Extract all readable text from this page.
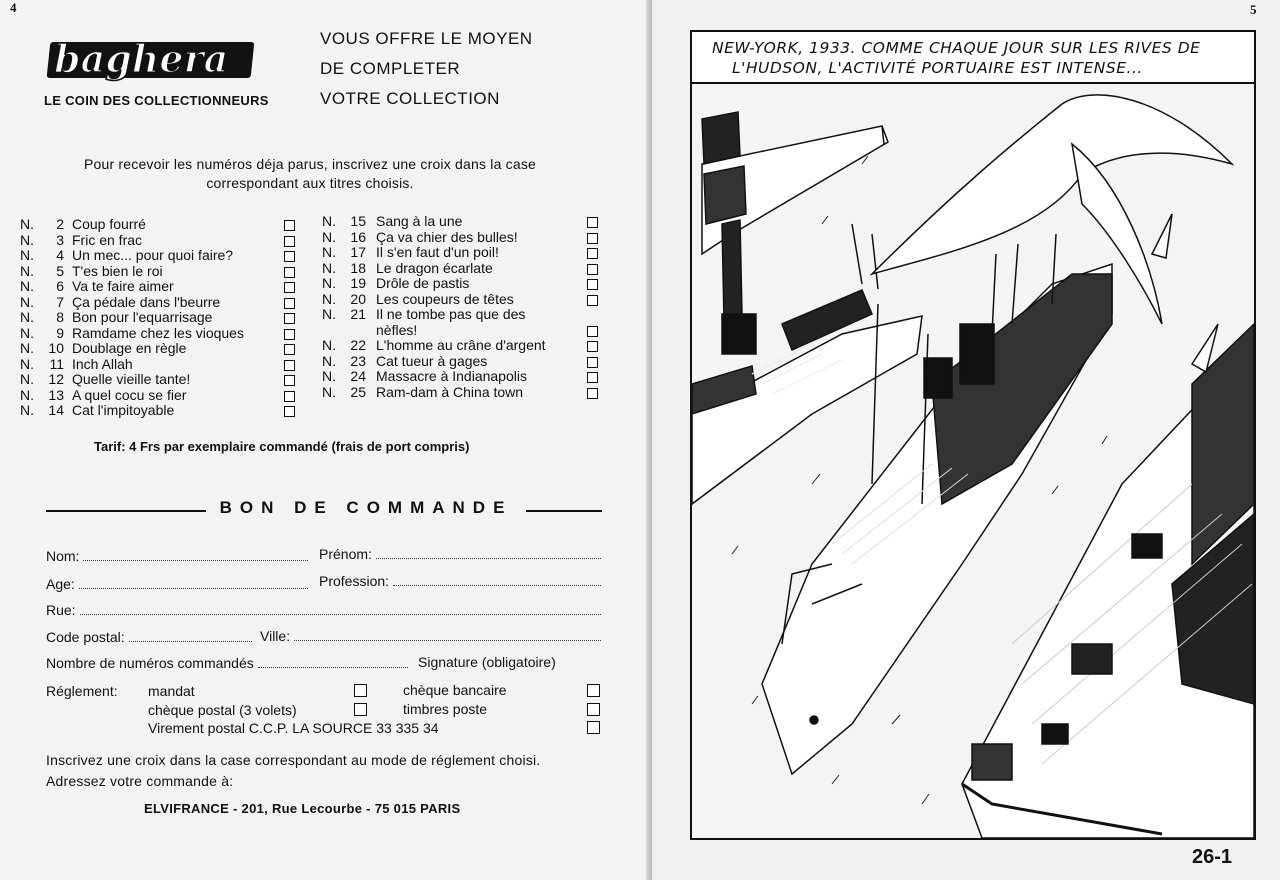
4
baghera
LE COIN DES COLLECTIONNEURS
VOUS OFFRE LE MOYEN
DE COMPLETER
VOTRE COLLECTION
Pour recevoir les numéros déja parus, inscrivez une croix dans la case correspondant aux titres choisis.
N.	2 Coup fourré
N.	3 Fric en frac
N.	4 Un mec... pour quoi faire?
N.	5 T'es bien le roi
N.	6 Va te faire aimer
N.	7 Ça pédale dans l'beurre
N.	8 Bon pour l'equarrisage
N.	9 Ramdame chez les vioques
N.	10 Doublage en règle
N.	11 Inch Allah
N.	12 Quelle vieille tante!
N.	13 A quel cocu se fier
N.	14 Cat l'impitoyable
N.	15 Sang à la une
N.	16 Ça va chier des bulles!
N.	17 Il s'en faut d'un poil!
N.	18 Le dragon écarlate
N.	19 Drôle de pastis
N.	20 Les coupeurs de têtes
N.	21 Il ne tombe pas que des
nèfles!
N.	22 L'homme au crâne d'argent
N.	23 Cat tueur à gages
N.	24 Massacre à Indianapolis
N.	25 Ram-dam à China town
Tarif: 4 Frs par exemplaire commandé (frais de port compris)
BON DE COMMANDE
Nom:	Prénom:
Age:	Profession:
Rue:
Code postal:	Ville:
Nombre de numéros commandés	Signature (obligatoire)
Réglement: mandat	chèque bancaire
chèque postal (3 volets)	timbres poste
Virement postal C.C.P. LA SOURCE 33 335 34
Inscrivez une croix dans la case correspondant au mode de réglement choisi.
Adressez votre commande à:
ELVIFRANCE - 201, Rue Lecourbe - 75 015 PARIS
5
NEW-YORK, 1933. COMME CHAQUE JOUR SUR LES RIVES DE
L'HUDSON, L'ACTIVITÉ PORTUAIRE EST INTENSE...
26-1
